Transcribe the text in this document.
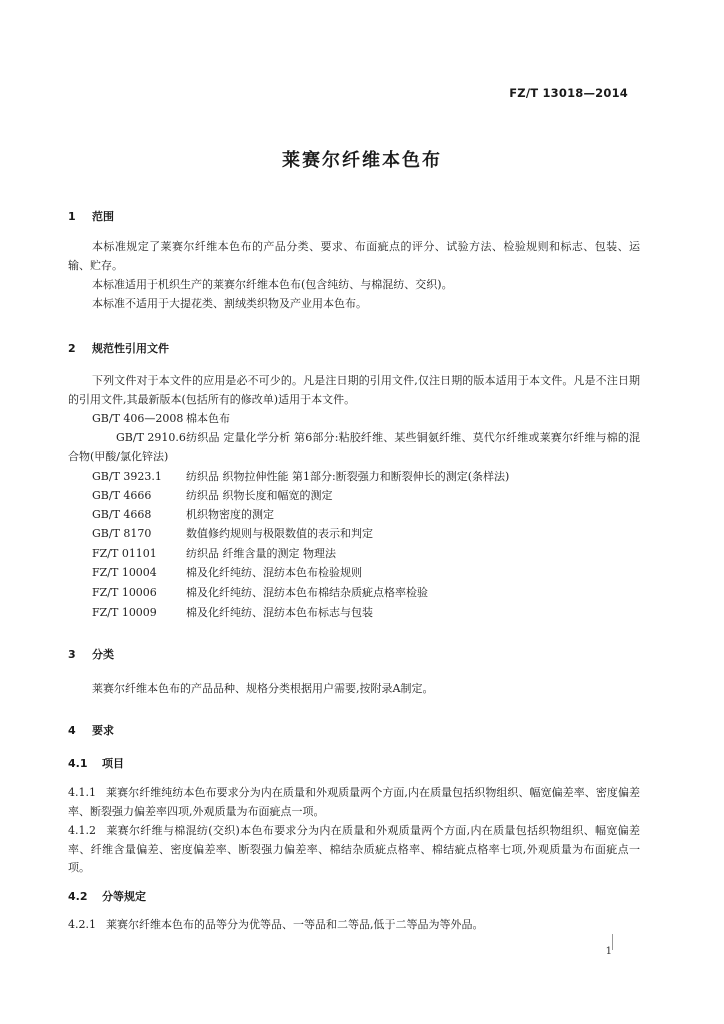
FZ/T 13018—2014
莱赛尔纤维本色布
1 范围

本标准规定了莱赛尔纤维本色布的产品分类、要求、布面疵点的评分、试验方法、检验规则和标志、包装、运输、贮存。

本标准适用于机织生产的莱赛尔纤维本色布(包含纯纺、与棉混纺、交织)。

本标准不适用于大提花类、割绒类织物及产业用本色布。

2 规范性引用文件

下列文件对于本文件的应用是必不可少的。凡是注日期的引用文件,仅注日期的版本适用于本文件。凡是不注日期的引用文件,其最新版本(包括所有的修改单)适用于本文件。

GB/T 406—2008 棉本色布
GB/T 2910.6纺织品 定量化学分析 第6部分:粘胶纤维、某些铜氨纤维、莫代尔纤维或莱赛尔纤维与棉的混合物(甲酸/氯化锌法)
GB/T 3923.1 纺织品 织物拉伸性能 第1部分:断裂强力和断裂伸长的测定(条样法)
GB/T 4666	纺织品 织物长度和幅宽的测定
GB/T 4668	机织物密度的测定
GB/T 8170	数值修约规则与极限数值的表示和判定
FZ/T 01101	纺织品 纤维含量的测定 物理法
FZ/T 10004	棉及化纤纯纺、混纺本色布检验规则
FZ/T 10006	棉及化纤纯纺、混纺本色布棉结杂质疵点格率检验
FZ/T 10009	棉及化纤纯纺、混纺本色布标志与包装
3 分类

莱赛尔纤维本色布的产品品种、规格分类根据用户需要,按附录A制定。

4 要求
4.1 项目

4.1.1 莱赛尔纤维纯纺本色布要求分为内在质量和外观质量两个方面,内在质量包括织物组织、幅宽偏差率、密度偏差率、断裂强力偏差率四项,外观质量为布面疵点一项。

4.1.2 莱赛尔纤维与棉混纺(交织)本色布要求分为内在质量和外观质量两个方面,内在质量包括织物组织、幅宽偏差率、纤维含量偏差、密度偏差率、断裂强力偏差率、棉结杂质疵点格率、棉结疵点格率七项,外观质量为布面疵点一项。

4.2 分等规定

4.2.1 莱赛尔纤维本色布的品等分为优等品、一等品和二等品,低于二等品为等外品。

1
